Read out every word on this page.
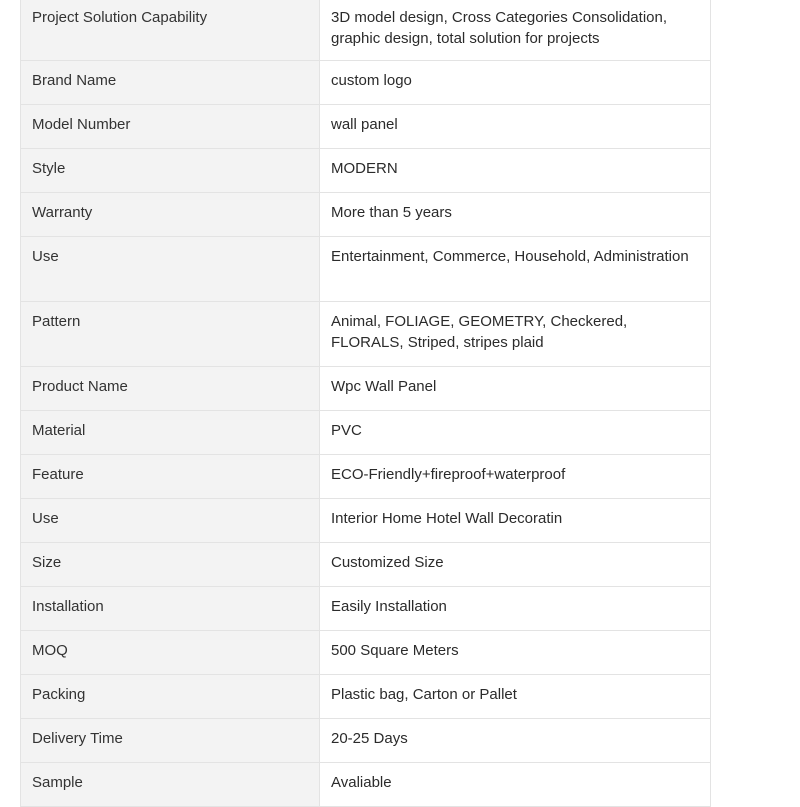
Project Solution Capability	3D model design, Cross Categories Consolidation, graphic design, total solution for projects
Brand Name	custom logo
Model Number	wall panel
Style	MODERN
Warranty	More than 5 years
Use	Entertainment, Commerce, Household, Administration
Pattern	Animal, FOLIAGE, GEOMETRY, Checkered, FLORALS, Striped, stripes plaid
Product Name	Wpc Wall Panel
Material	PVC
Feature	ECO-Friendly+fireproof+waterproof
Use	Interior Home Hotel Wall Decoratin
Size	Customized Size
Installation	Easily Installation
MOQ	500 Square Meters
Packing	Plastic bag, Carton or Pallet
Delivery Time	20-25 Days
Sample	Avaliable
